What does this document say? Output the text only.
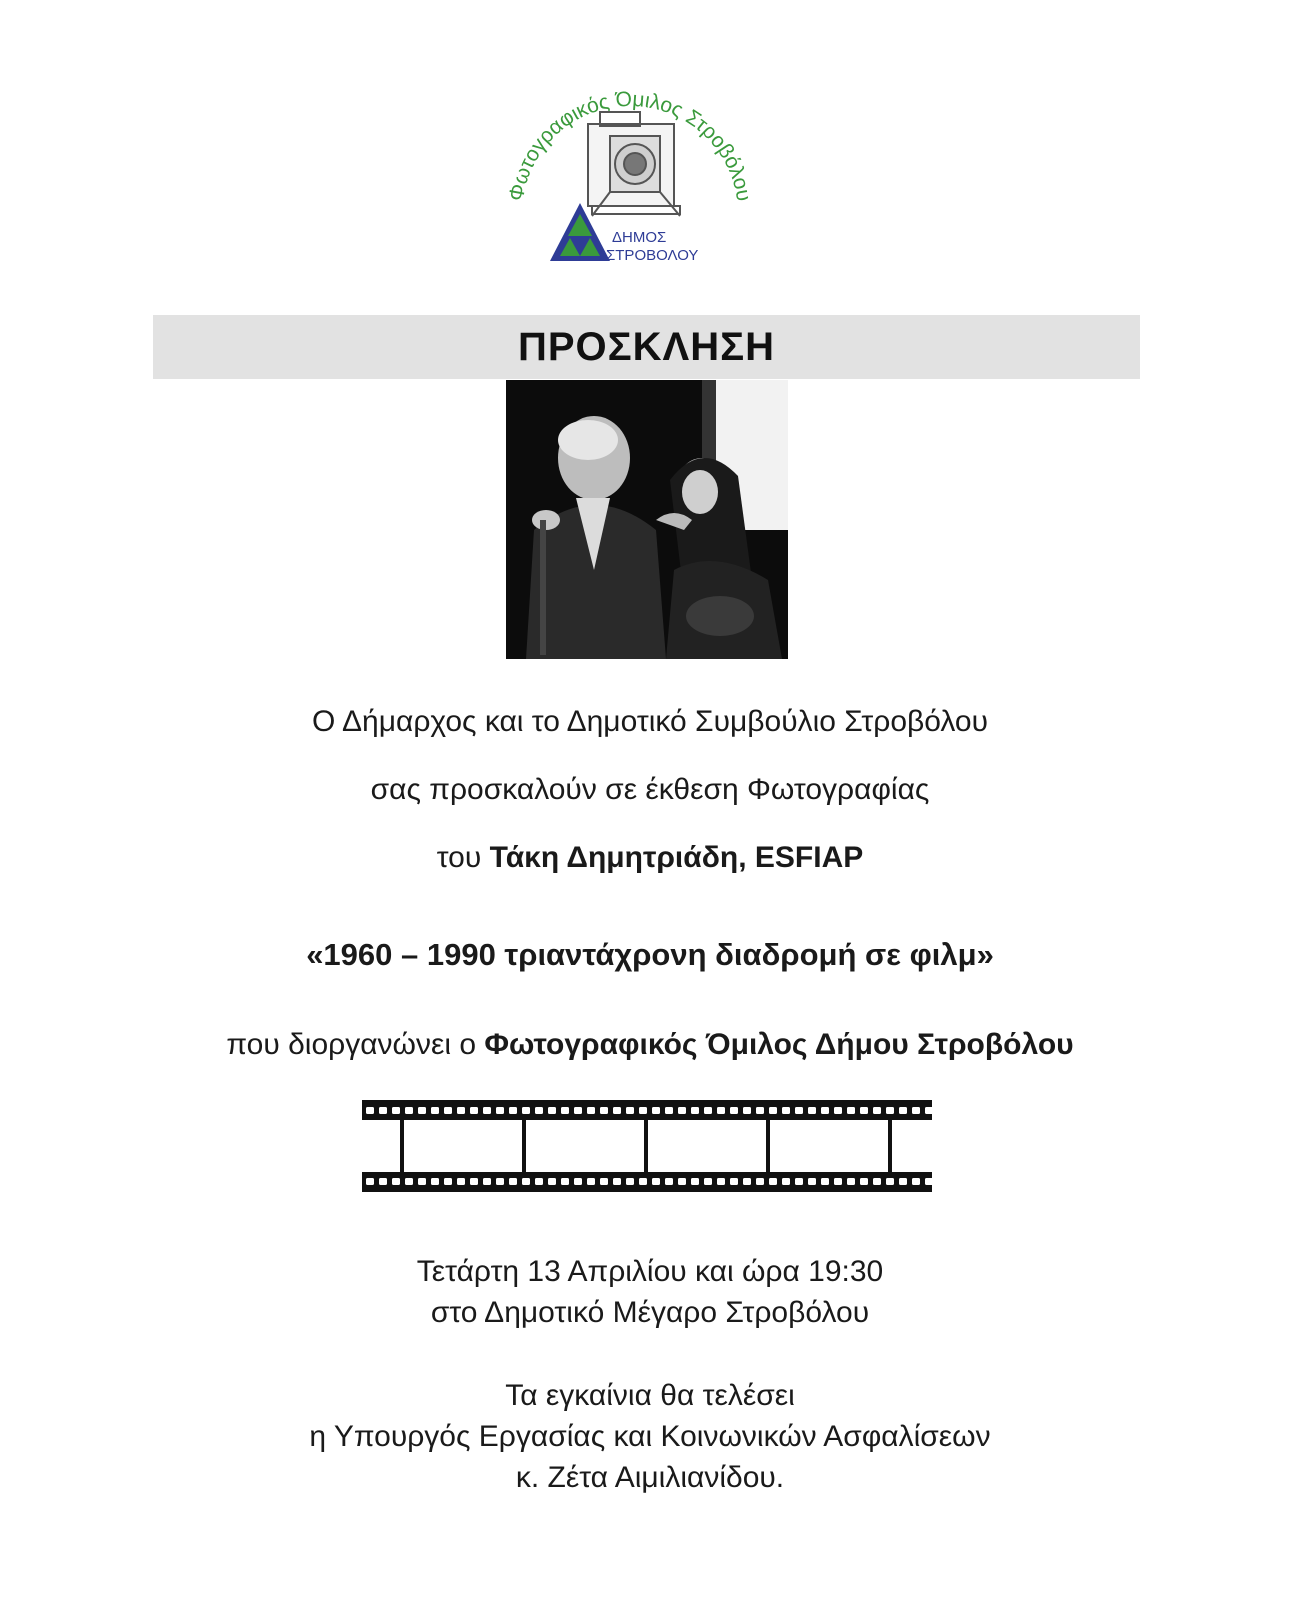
Φωτογραφικός Όμιλος Στροβόλου
ΔΗΜΟΣ
ΣΤΡΟΒΟΛΟΥ
ΠΡΟΣΚΛΗΣΗ
Ο Δήμαρχος και το Δημοτικό Συμβούλιο Στροβόλου
σας προσκαλούν σε έκθεση Φωτογραφίας
του Τάκη Δημητριάδη, ESFIAP
«1960 – 1990 τριαντάχρονη διαδρομή σε φιλμ»
που διοργανώνει ο Φωτογραφικός Όμιλος Δήμου Στροβόλου
Τετάρτη 13 Απριλίου και ώρα 19:30
στο Δημοτικό Μέγαρο Στροβόλου
Τα εγκαίνια θα τελέσει
η Υπουργός Εργασίας και Κοινωνικών Ασφαλίσεων
κ. Ζέτα Αιμιλιανίδου.
